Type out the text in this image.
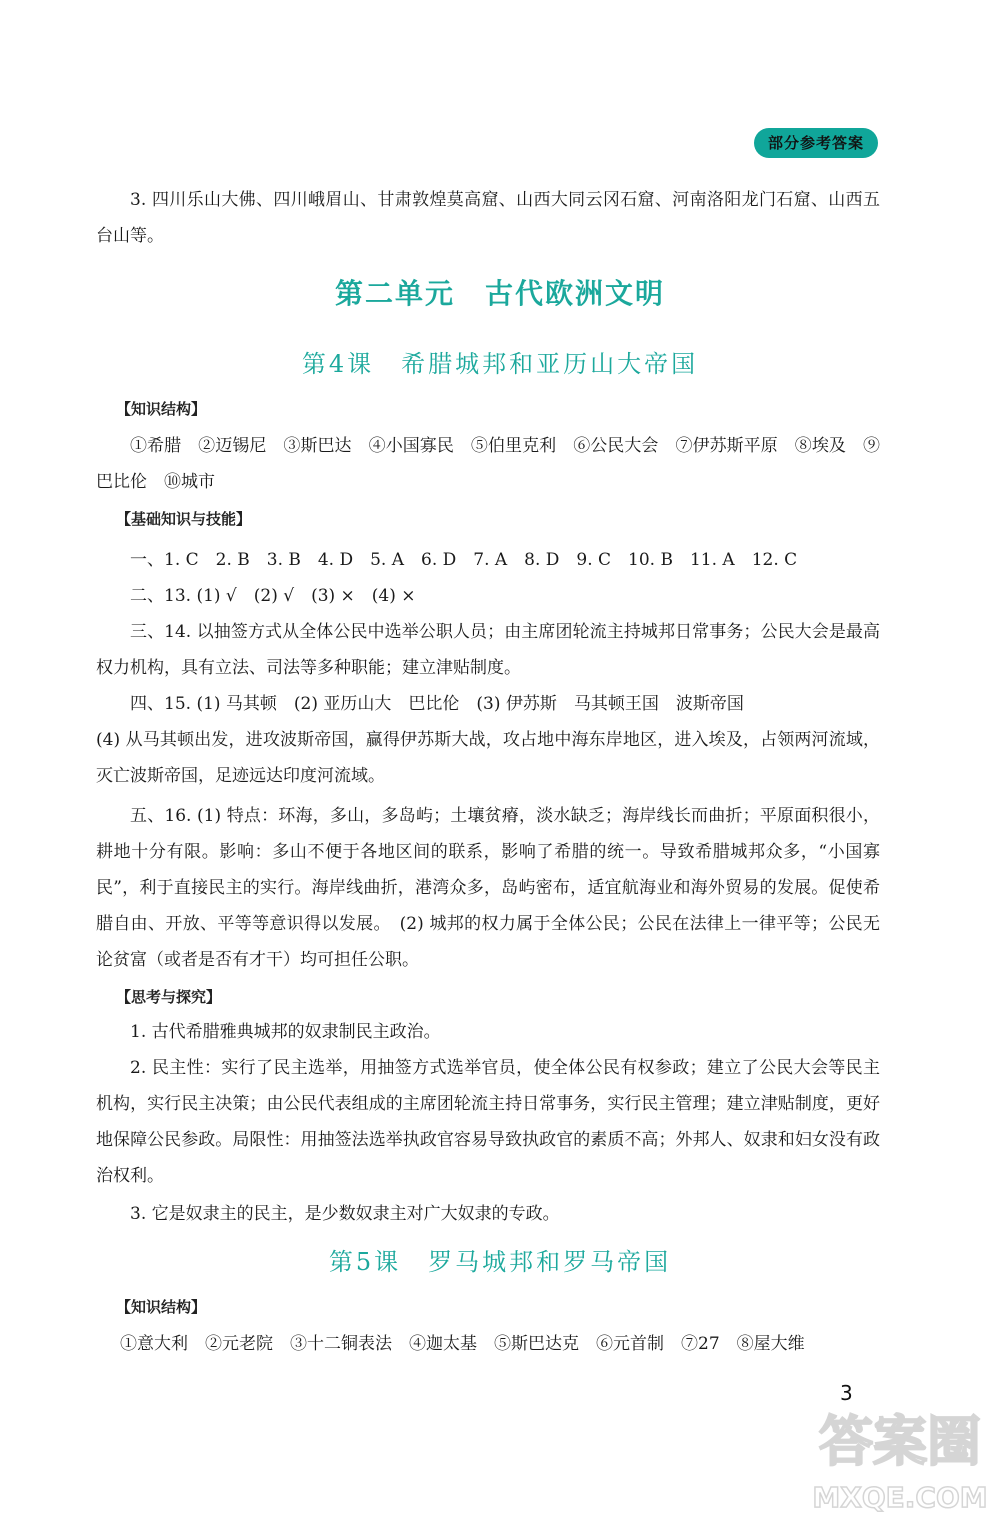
部分参考答案

3. 四川乐山大佛、四川峨眉山、甘肃敦煌莫高窟、山西大同云冈石窟、河南洛阳龙门石窟、山西五台山等。

第二单元　古代欧洲文明
第4课　希腊城邦和亚历山大帝国
【知识结构】

①希腊　②迈锡尼　③斯巴达　④小国寡民　⑤伯里克利　⑥公民大会　⑦伊苏斯平原　⑧埃及　⑨巴比伦　⑩城市

【基础知识与技能】

一、1. C　2. B　3. B　4. D　5. A　6. D　7. A　8. D　9. C　10. B　11. A　12. C

二、13. (1) √　(2) √　(3) ×　(4) ×

三、14. 以抽签方式从全体公民中选举公职人员；由主席团轮流主持城邦日常事务；公民大会是最高权力机构，具有立法、司法等多种职能；建立津贴制度。

四、15. (1) 马其顿　(2) 亚历山大　巴比伦　(3) 伊苏斯　马其顿王国　波斯帝国

(4) 从马其顿出发，进攻波斯帝国，赢得伊苏斯大战，攻占地中海东岸地区，进入埃及，占领两河流域，灭亡波斯帝国，足迹远达印度河流域。

五、16. (1) 特点：环海，多山，多岛屿；土壤贫瘠，淡水缺乏；海岸线长而曲折；平原面积很小，耕地十分有限。影响：多山不便于各地区间的联系，影响了希腊的统一。导致希腊城邦众多，“小国寡民”，利于直接民主的实行。海岸线曲折，港湾众多，岛屿密布，适宜航海业和海外贸易的发展。促使希腊自由、开放、平等等意识得以发展。　(2) 城邦的权力属于全体公民；公民在法律上一律平等；公民无论贫富（或者是否有才干）均可担任公职。

【思考与探究】

1. 古代希腊雅典城邦的奴隶制民主政治。

2. 民主性：实行了民主选举，用抽签方式选举官员，使全体公民有权参政；建立了公民大会等民主机构，实行民主决策；由公民代表组成的主席团轮流主持日常事务，实行民主管理；建立津贴制度，更好地保障公民参政。局限性：用抽签法选举执政官容易导致执政官的素质不高；外邦人、奴隶和妇女没有政治权利。

3. 它是奴隶主的民主，是少数奴隶主对广大奴隶的专政。

第5课　罗马城邦和罗马帝国
【知识结构】

①意大利　②元老院　③十二铜表法　④迦太基　⑤斯巴达克　⑥元首制　⑦27　⑧屋大维

3
答案圈
MXQE.COM
